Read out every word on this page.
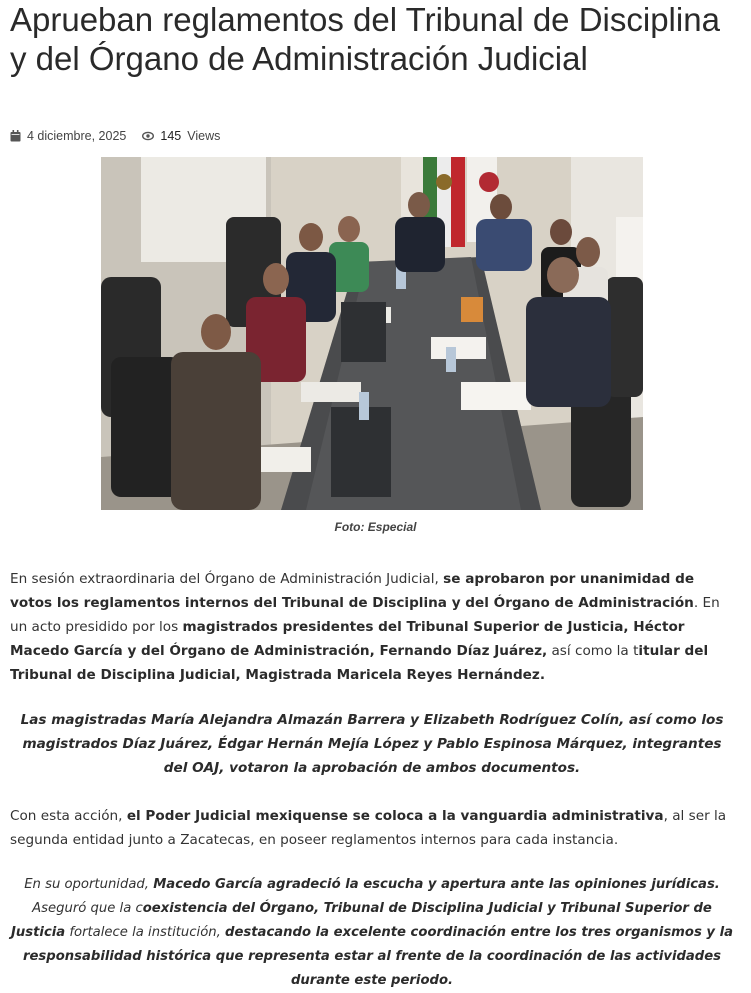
Aprueban reglamentos del Tribunal de Disciplina y del Órgano de Administración Judicial
4 diciembre, 2025	145 Views
Foto: Especial

En sesión extraordinaria del Órgano de Administración Judicial, se aprobaron por unanimidad de votos los reglamentos internos del Tribunal de Disciplina y del Órgano de Administración. En un acto presidido por los magistrados presidentes del Tribunal Superior de Justicia, Héctor Macedo García y del Órgano de Administración, Fernando Díaz Juárez, así como la titular del Tribunal de Disciplina Judicial, Magistrada Maricela Reyes Hernández.

Las magistradas María Alejandra Almazán Barrera y Elizabeth Rodríguez Colín, así como los magistrados Díaz Juárez, Édgar Hernán Mejía López y Pablo Espinosa Márquez, integrantes del OAJ, votaron la aprobación de ambos documentos.

Con esta acción, el Poder Judicial mexiquense se coloca a la vanguardia administrativa, al ser la segunda entidad junto a Zacatecas, en poseer reglamentos internos para cada instancia.

En su oportunidad, Macedo García agradeció la escucha y apertura ante las opiniones jurídicas. Aseguró que la coexistencia del Órgano, Tribunal de Disciplina Judicial y Tribunal Superior de Justicia fortalece la institución, destacando la excelente coordinación entre los tres organismos y la responsabilidad histórica que representa estar al frente de la coordinación de las actividades durante este periodo.
